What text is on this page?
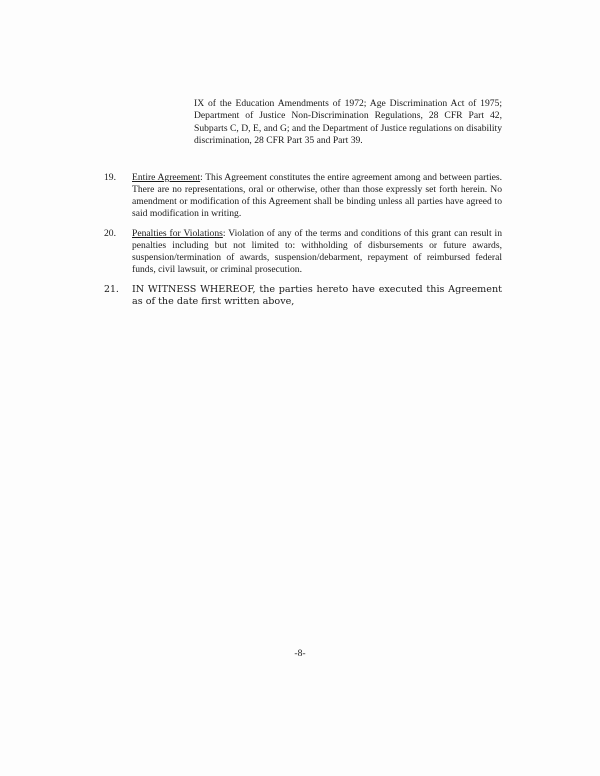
IX of the Education Amendments of 1972; Age Discrimination Act of 1975; Department of Justice Non-Discrimination Regulations, 28 CFR Part 42, Subparts C, D, E, and G; and the Department of Justice regulations on disability discrimination, 28 CFR Part 35 and Part 39.
19.	Entire Agreement: This Agreement constitutes the entire agreement among and between parties. There are no representations, oral or otherwise, other than those expressly set forth herein. No amendment or modification of this Agreement shall be binding unless all parties have agreed to said modification in writing.
20.	Penalties for Violations: Violation of any of the terms and conditions of this grant can result in penalties including but not limited to: withholding of disbursements or future awards, suspension/termination of awards, suspension/debarment, repayment of reimbursed federal funds, civil lawsuit, or criminal prosecution.
21.	IN WITNESS WHEREOF, the parties hereto have executed this Agreement as of the date first written above,
-8-
